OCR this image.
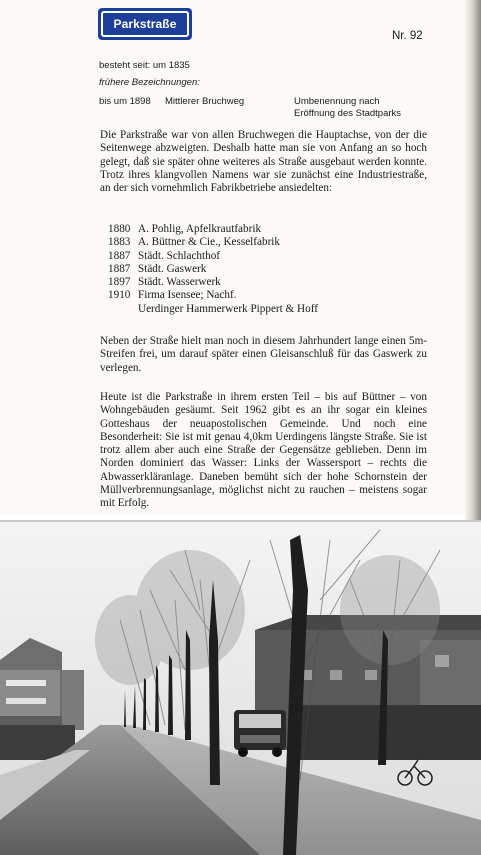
Parkstraße
Nr. 92
besteht seit: um 1835
frühere Bezeichnungen:
bis um 1898 Mittlerer Bruchweg	Umbenennung nach
Eröffnung des Stadtparks

Die Parkstraße war von allen Bruchwegen die Hauptachse, von der die Seitenwege abzweigten. Deshalb hatte man sie von Anfang an so hoch gelegt, daß sie später ohne weiteres als Straße ausgebaut werden konnte. Trotz ihres klangvollen Namens war sie zunächst eine Industriestraße, an der sich vornehmlich Fabrikbetriebe ansiedelten:

1880 A. Pohlig, Apfelkrautfabrik
1883 A. Büttner & Cie., Kesselfabrik
1887 Städt. Schlachthof
1887 Städt. Gaswerk
1897 Städt. Wasserwerk
1910 Firma Isensee; Nachf.
Uerdinger Hammerwerk Pippert & Hoff

Neben der Straße hielt man noch in diesem Jahrhundert lange einen 5m-Streifen frei, um darauf später einen Gleisanschluß für das Gaswerk zu verlegen.

Heute ist die Parkstraße in ihrem ersten Teil – bis auf Büttner – von Wohngebäuden gesäumt. Seit 1962 gibt es an ihr sogar ein kleines Gotteshaus der neuapostolischen Gemeinde. Und noch eine Besonderheit: Sie ist mit genau 4,0km Uerdingens längste Straße. Sie ist trotz allem aber auch eine Straße der Gegensätze geblieben. Denn im Norden dominiert das Wasser: Links der Wassersport – rechts die Abwasserkläranlage. Daneben bemüht sich der hohe Schornstein der Müllverbrennungsanlage, möglichst nicht zu rauchen – meistens sogar mit Erfolg.
